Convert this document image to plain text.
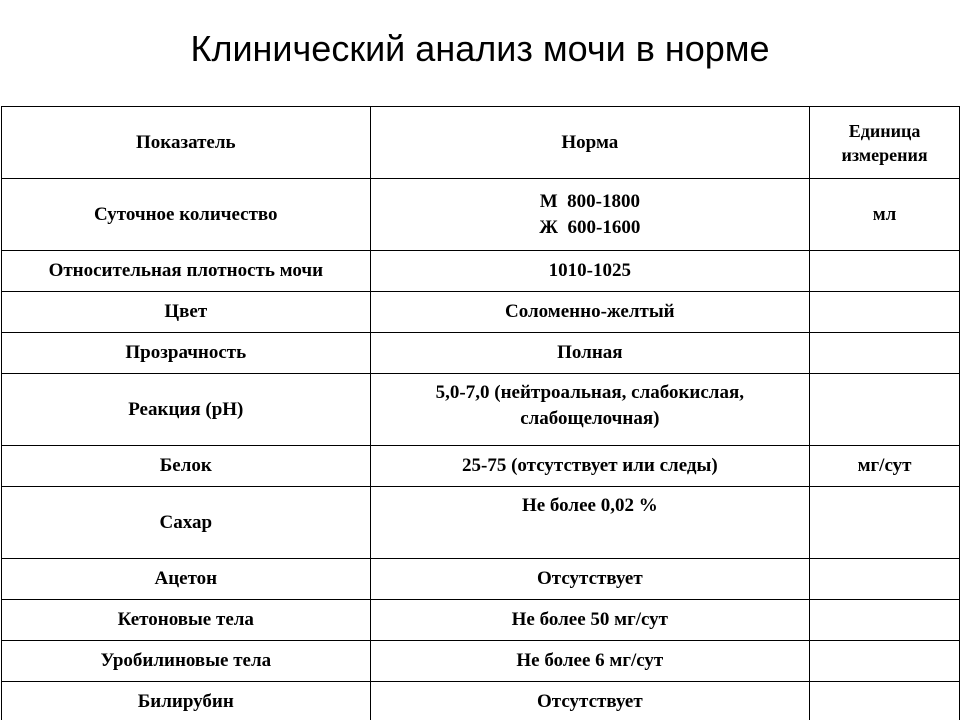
Клинический анализ мочи в норме
Показатель	Норма	Единица
измерения

Суточное количество	М  800-1800
Ж  600-1600	мл
Относительная плотность мочи	1010-1025	
Цвет	Соломенно-желтый	
Прозрачность	Полная	
Реакция (рН)	5,0-7,0 (нейтроальная, слабокислая,
слабощелочная)	

Белок	25-75 (отсутствует или следы)	мг/сут
Сахар	Не более 0,02 %	
Ацетон	Отсутствует	
Кетоновые тела	Не более 50 мг/сут	
Уробилиновые тела	Не более 6 мг/сут	
Билирубин	Отсутствует	
